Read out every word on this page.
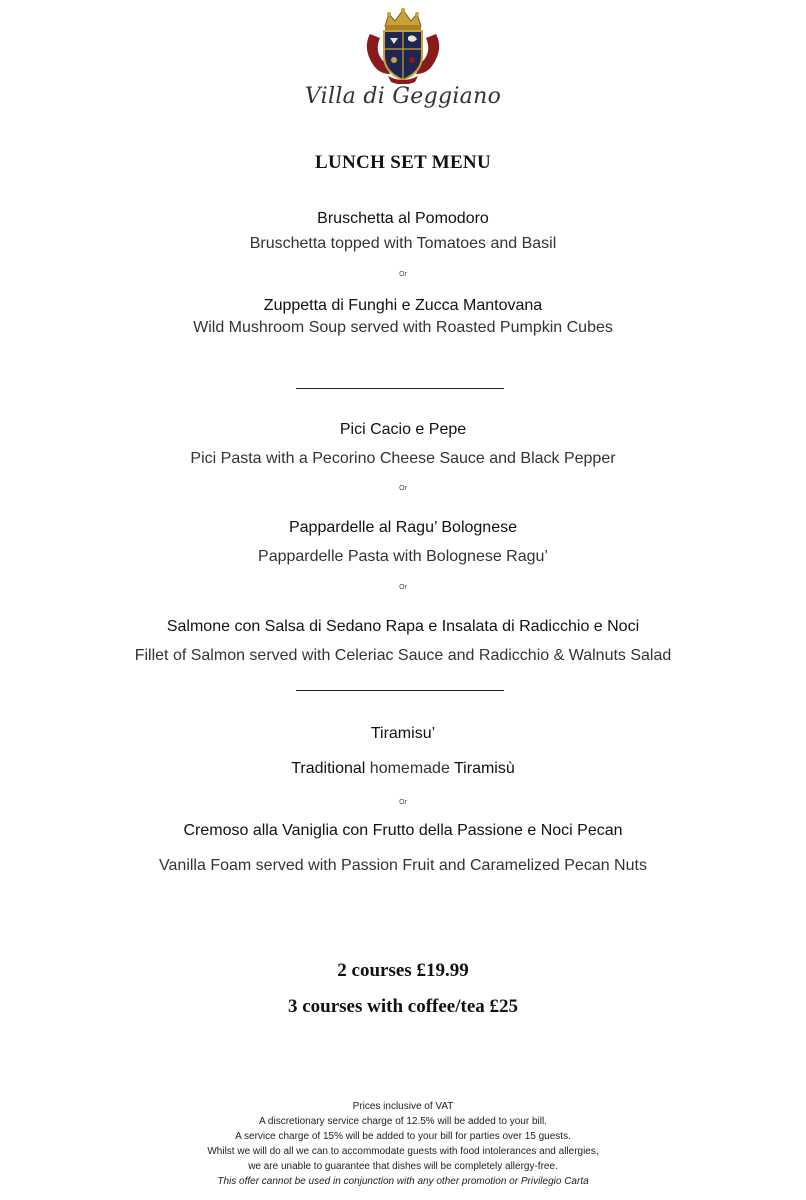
Villa di Geggiano
LUNCH SET MENU
Bruschetta al Pomodoro
Bruschetta topped with Tomatoes and Basil
Or
Zuppetta di Funghi e Zucca Mantovana
Wild Mushroom Soup served with Roasted Pumpkin Cubes
Pici Cacio e Pepe
Pici Pasta with a Pecorino Cheese Sauce and Black Pepper
Or
Pappardelle al Ragu’ Bolognese
Pappardelle Pasta with Bolognese Ragu’
Or
Salmone con Salsa di Sedano Rapa e Insalata di Radicchio e Noci
Fillet of Salmon served with Celeriac Sauce and Radicchio & Walnuts Salad
Tiramisu’
Traditional homemade Tiramisù
Or
Cremoso alla Vaniglia con Frutto della Passione e Noci Pecan
Vanilla Foam served with Passion Fruit and Caramelized Pecan Nuts
2 courses £19.99
3 courses with coffee/tea £25
Prices inclusive of VAT
A discretionary service charge of 12.5% will be added to your bill.
A service charge of 15% will be added to your bill for parties over 15 guests.
Whilst we will do all we can to accommodate guests with food intolerances and allergies,
we are unable to guarantee that dishes will be completely allergy-free.
This offer cannot be used in conjunction with any other promotion or Privilegio Carta
